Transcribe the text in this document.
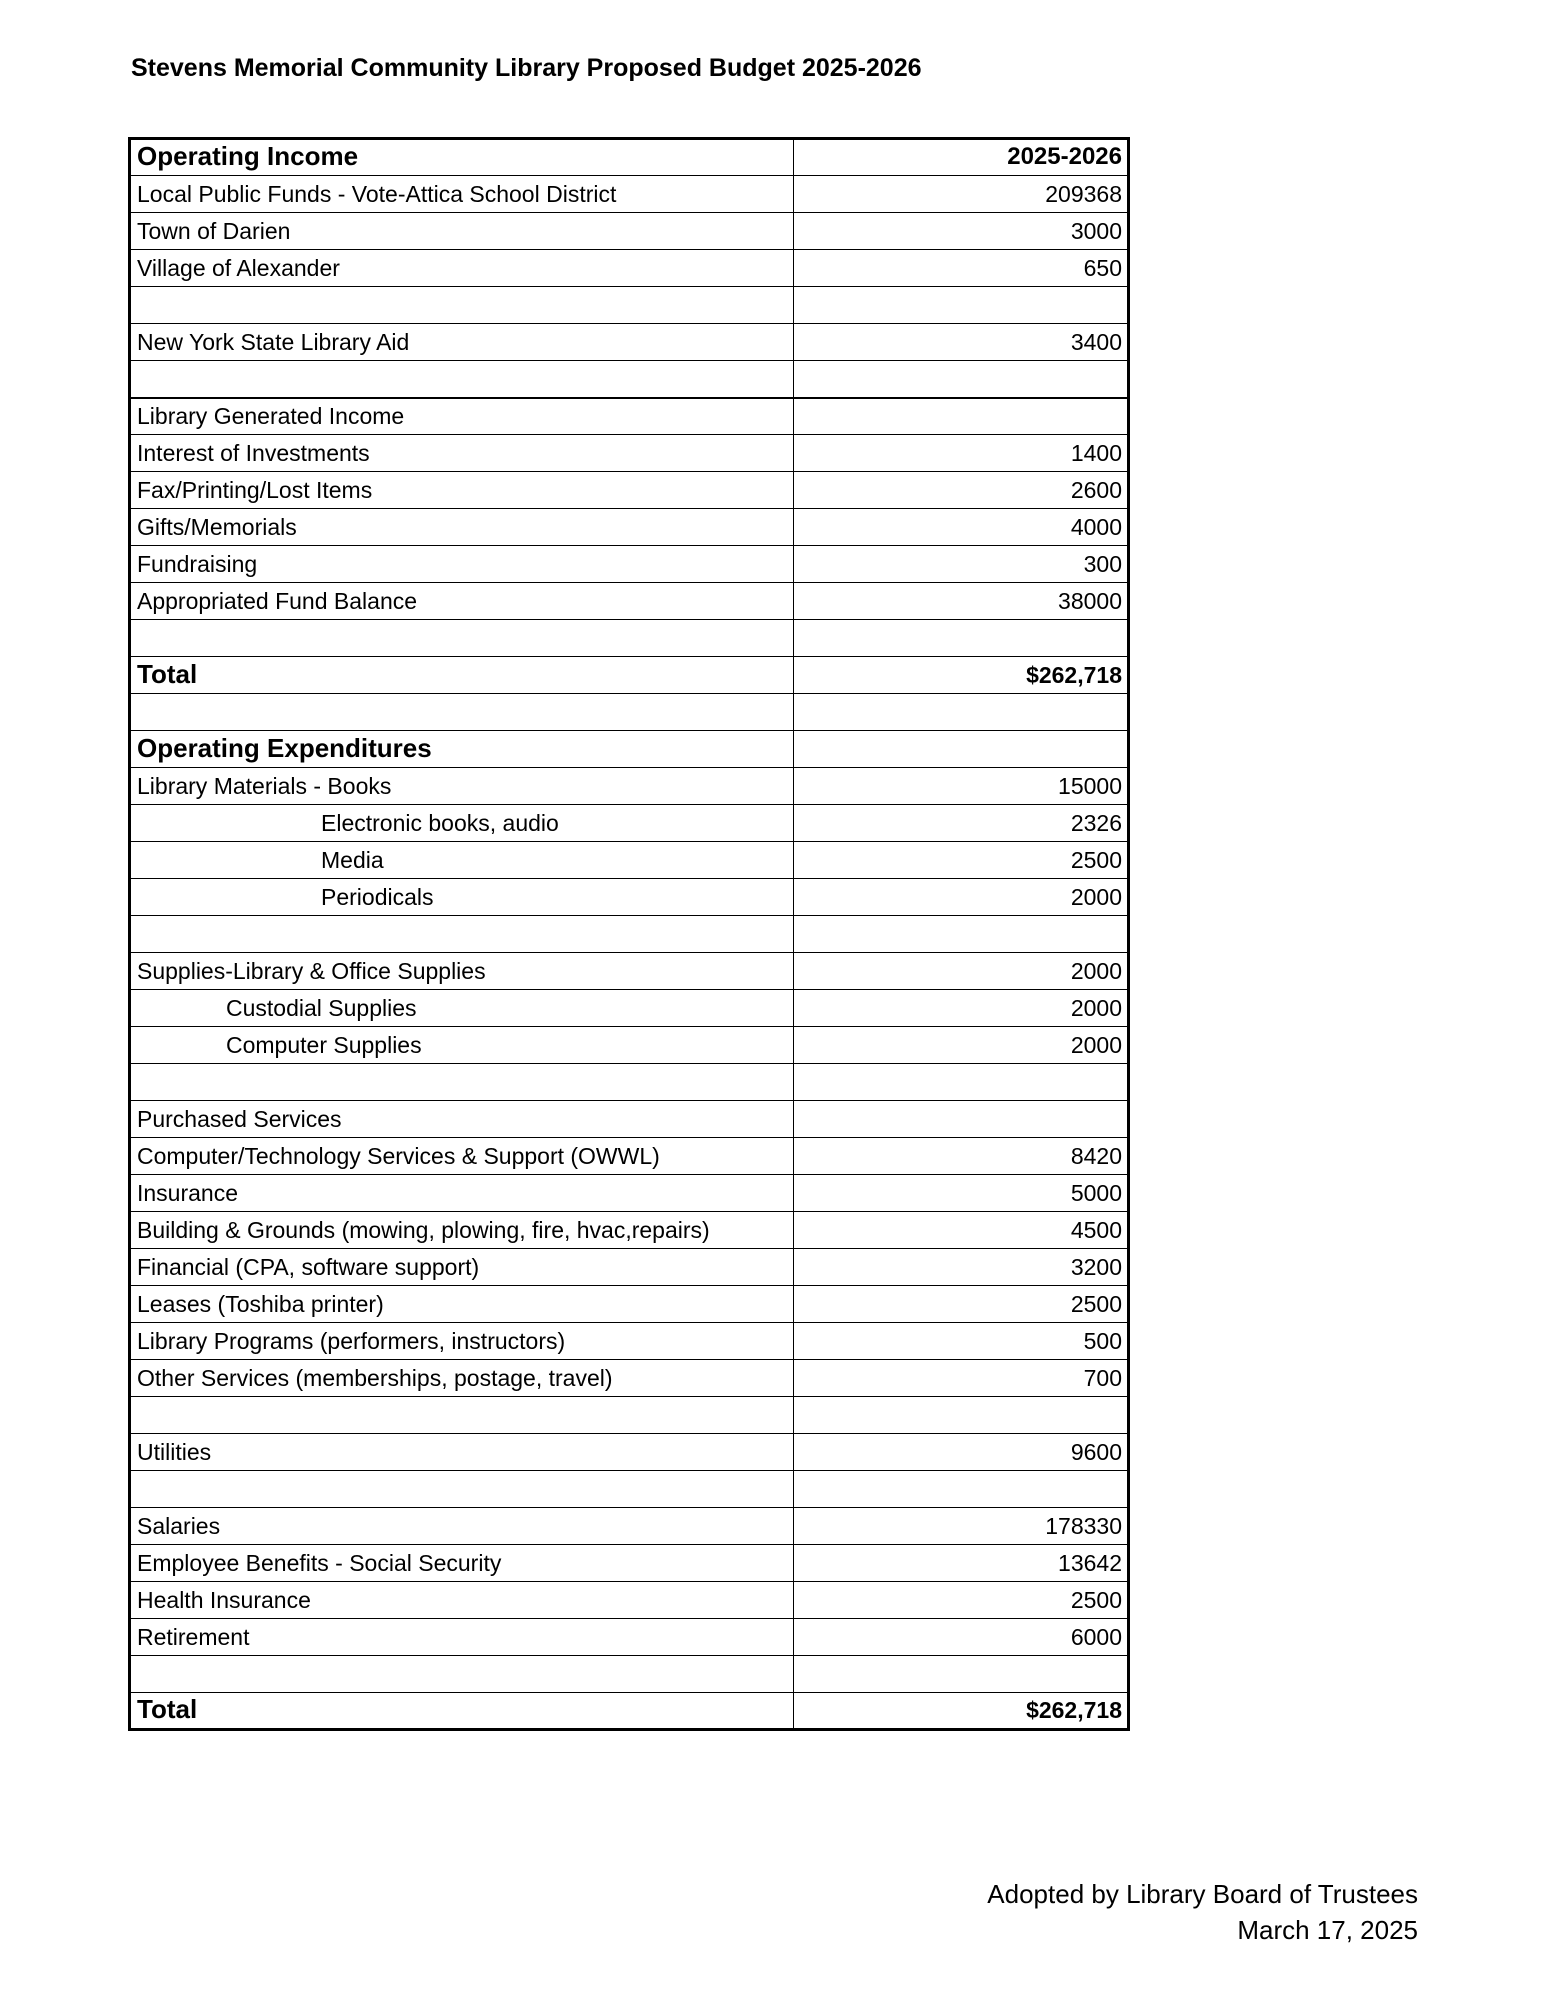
Stevens Memorial Community Library Proposed Budget 2025-2026
Operating Income	2025-2026
Local Public Funds - Vote-Attica School District	209368
Town of Darien	3000
Village of Alexander	650

New York State Library Aid	3400

Library Generated Income	
Interest of Investments	1400
Fax/Printing/Lost Items	2600
Gifts/Memorials	4000
Fundraising	300
Appropriated Fund Balance	38000

Total	$262,718

Operating Expenditures	
Library Materials - Books	15000
Electronic books, audio	2326
Media	2500
Periodicals	2000

Supplies-Library & Office Supplies	2000
Custodial Supplies	2000
Computer Supplies	2000

Purchased Services	
Computer/Technology Services & Support (OWWL)	8420
Insurance	5000
Building & Grounds (mowing, plowing, fire, hvac,repairs)	4500
Financial (CPA, software support)	3200
Leases (Toshiba printer)	2500
Library Programs (performers, instructors)	500
Other Services (memberships, postage, travel)	700

Utilities	9600

Salaries	178330
Employee Benefits - Social Security	13642
Health Insurance	2500
Retirement	6000

Total	$262,718
Adopted by Library Board of Trustees
March 17, 2025
